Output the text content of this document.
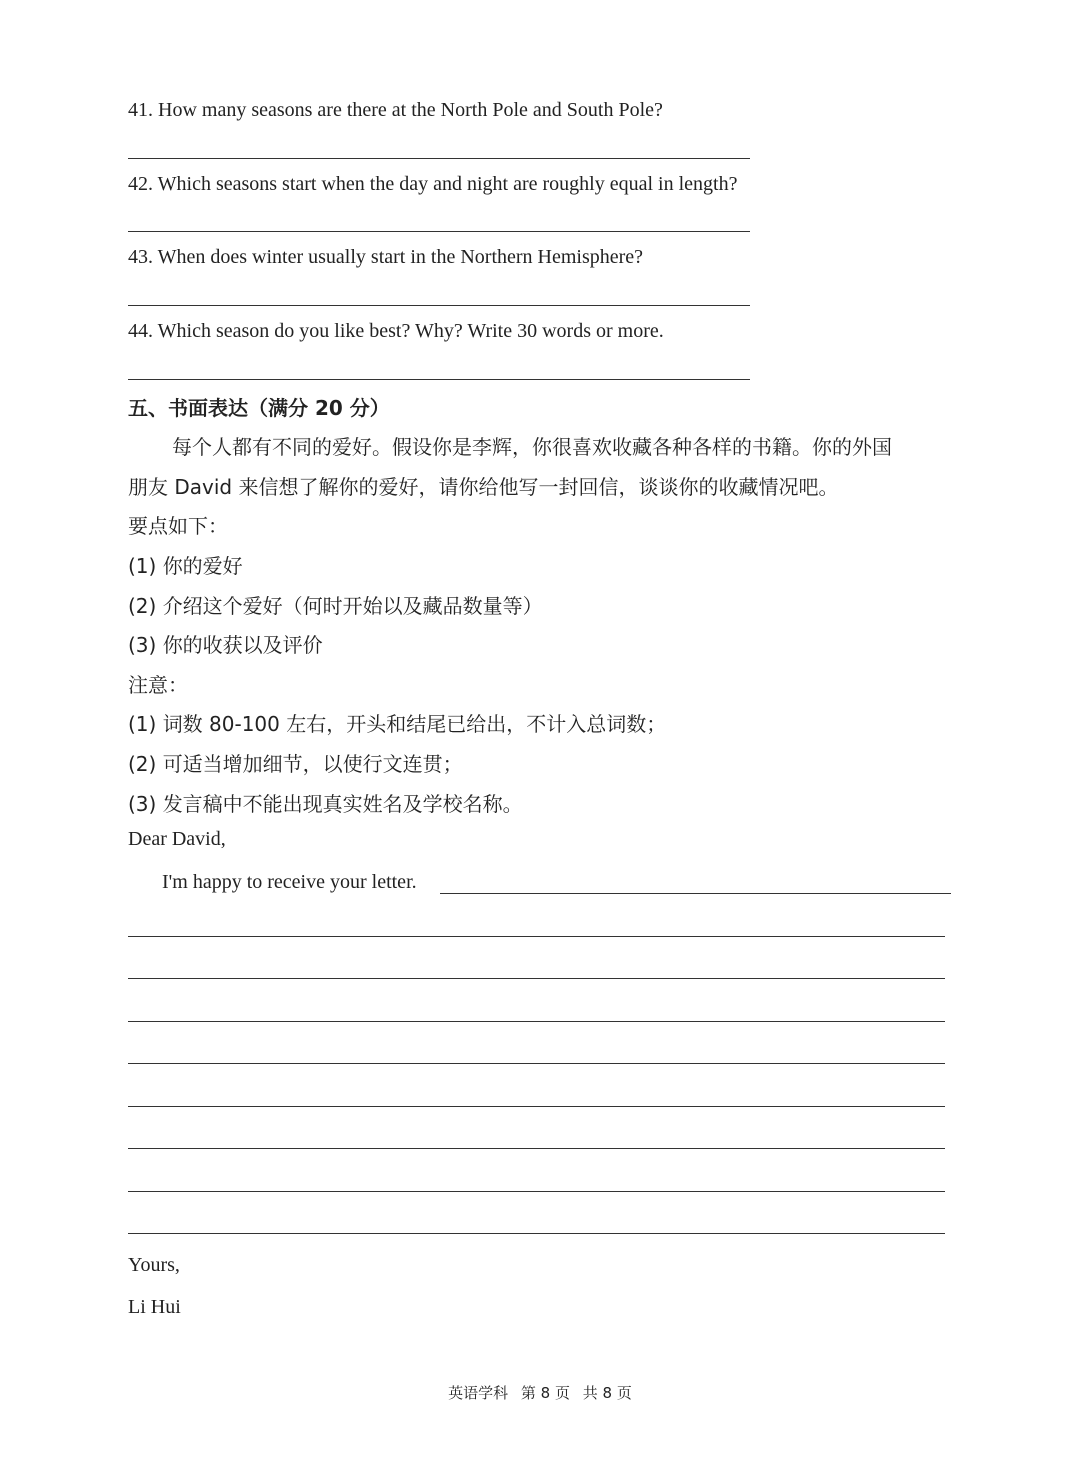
41. How many seasons are there at the North Pole and South Pole?
42. Which seasons start when the day and night are roughly equal in length?
43. When does winter usually start in the Northern Hemisphere?
44. Which season do you like best? Why? Write 30 words or more.
五、书面表达（满分 20 分）
每个人都有不同的爱好。假设你是李辉，你很喜欢收藏各种各样的书籍。你的外国
朋友 David 来信想了解你的爱好，请你给他写一封回信，谈谈你的收藏情况吧。
要点如下：
(1) 你的爱好
(2) 介绍这个爱好（何时开始以及藏品数量等）
(3) 你的收获以及评价
注意：
(1) 词数 80-100 左右，开头和结尾已给出，不计入总词数；
(2) 可适当增加细节，以使行文连贯；
(3) 发言稿中不能出现真实姓名及学校名称。
Dear David,
I'm happy to receive your letter.
Yours,
Li Hui
英语学科 第 8 页 共 8 页
